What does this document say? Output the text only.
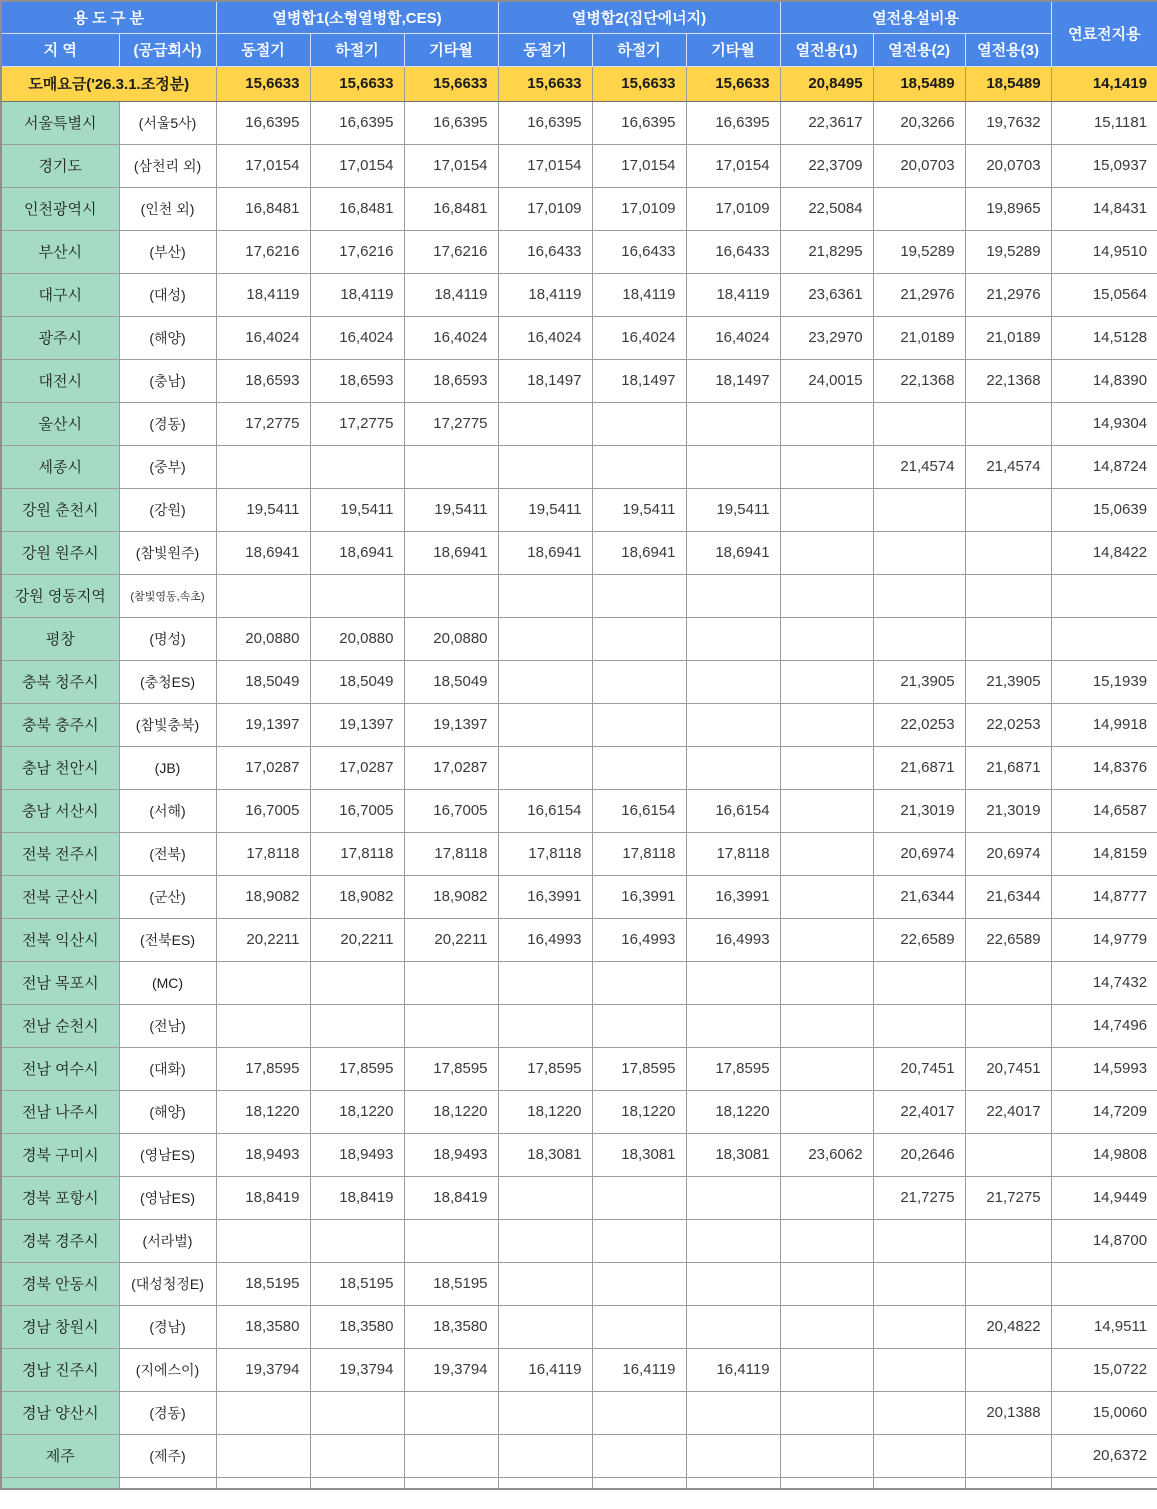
용 도 구 분		열병합1(소형열병합,CES)			열병합2(집단에너지)			열전용설비용			연료전지용
지 역	(공급회사)	동절기	하절기	기타월	동절기	하절기	기타월	열전용(1)	열전용(2)	열전용(3)	
도매요금('26.3.1.조정분)		15,6633	15,6633	15,6633	15,6633	15,6633	15,6633	20,8495	18,5489	18,5489	14,1419
서울특별시	(서울5사)	16,6395	16,6395	16,6395	16,6395	16,6395	16,6395	22,3617	20,3266	19,7632	15,1181
경기도	(삼천리 외)	17,0154	17,0154	17,0154	17,0154	17,0154	17,0154	22,3709	20,0703	20,0703	15,0937
인천광역시	(인천 외)	16,8481	16,8481	16,8481	17,0109	17,0109	17,0109	22,5084		19,8965	14,8431
부산시	(부산)	17,6216	17,6216	17,6216	16,6433	16,6433	16,6433	21,8295	19,5289	19,5289	14,9510
대구시	(대성)	18,4119	18,4119	18,4119	18,4119	18,4119	18,4119	23,6361	21,2976	21,2976	15,0564
광주시	(해양)	16,4024	16,4024	16,4024	16,4024	16,4024	16,4024	23,2970	21,0189	21,0189	14,5128
대전시	(충남)	18,6593	18,6593	18,6593	18,1497	18,1497	18,1497	24,0015	22,1368	22,1368	14,8390
울산시	(경동)	17,2775	17,2775	17,2775							14,9304
세종시	(중부)								21,4574	21,4574	14,8724
강원 춘천시	(강원)	19,5411	19,5411	19,5411	19,5411	19,5411	19,5411				15,0639
강원 원주시	(참빛원주)	18,6941	18,6941	18,6941	18,6941	18,6941	18,6941				14,8422
강원 영동지역	(참빛영동,속초)										
평창	(명성)	20,0880	20,0880	20,0880							
충북 청주시	(충청ES)	18,5049	18,5049	18,5049					21,3905	21,3905	15,1939
충북 충주시	(참빛충북)	19,1397	19,1397	19,1397					22,0253	22,0253	14,9918
충남 천안시	(JB)	17,0287	17,0287	17,0287					21,6871	21,6871	14,8376
충남 서산시	(서해)	16,7005	16,7005	16,7005	16,6154	16,6154	16,6154		21,3019	21,3019	14,6587
전북 전주시	(전북)	17,8118	17,8118	17,8118	17,8118	17,8118	17,8118		20,6974	20,6974	14,8159
전북 군산시	(군산)	18,9082	18,9082	18,9082	16,3991	16,3991	16,3991		21,6344	21,6344	14,8777
전북 익산시	(전북ES)	20,2211	20,2211	20,2211	16,4993	16,4993	16,4993		22,6589	22,6589	14,9779
전남 목포시	(MC)										14,7432
전남 순천시	(전남)										14,7496
전남 여수시	(대화)	17,8595	17,8595	17,8595	17,8595	17,8595	17,8595		20,7451	20,7451	14,5993
전남 나주시	(해양)	18,1220	18,1220	18,1220	18,1220	18,1220	18,1220		22,4017	22,4017	14,7209
경북 구미시	(영남ES)	18,9493	18,9493	18,9493	18,3081	18,3081	18,3081	23,6062	20,2646		14,9808
경북 포항시	(영남ES)	18,8419	18,8419	18,8419					21,7275	21,7275	14,9449
경북 경주시	(서라벌)										14,8700
경북 안동시	(대성청정E)	18,5195	18,5195	18,5195							
경남 창원시	(경남)	18,3580	18,3580	18,3580						20,4822	14,9511
경남 진주시	(지에스이)	19,3794	19,3794	19,3794	16,4119	16,4119	16,4119				15,0722
경남 양산시	(경동)									20,1388	15,0060
제주	(제주)										20,6372
